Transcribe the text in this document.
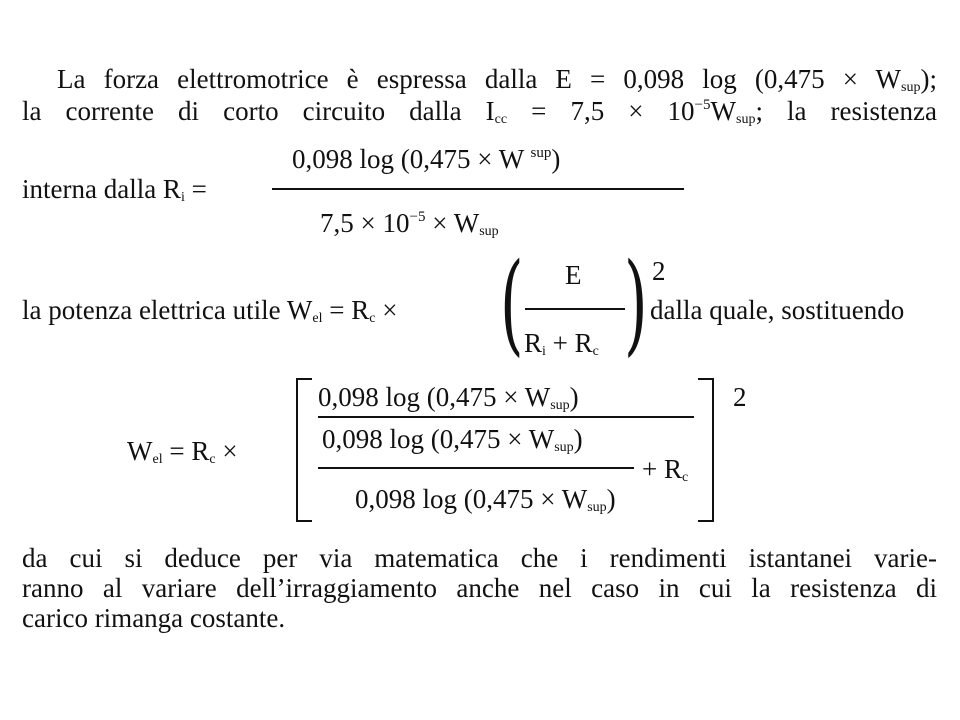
La forza elettromotrice è espressa dalla E = 0,098 $\log (0,475 \times W_{sup})$;
la corrente di corto circuito dalla $I_{cc} = 7,5 \times 10^{-5}W_{sup}$; la resistenza
0,098 log (0,475 × W $^{sup}$)
interna dalla $R_i$ =
$7,5 \times 10^{-5} \times W_{sup}$
la potenza elettrica utile $W_{el} = R_c$ × ( E
$R_i + R_c$ ) 2
dalla quale, sostituendo
$W_{el} = R_c$ ×
0,098 $\log (0,475 \times W_{sup})$
0,098 $\log (0,475 \times W_{sup})$
+ $R_c$
0,098 $\log (0,475 \times W_{sup})$
2
da cui si deduce per via matematica che i rendimenti istantanei varie-
ranno al variare dell’irraggiamento anche nel caso in cui la resistenza di
carico rimanga costante.
